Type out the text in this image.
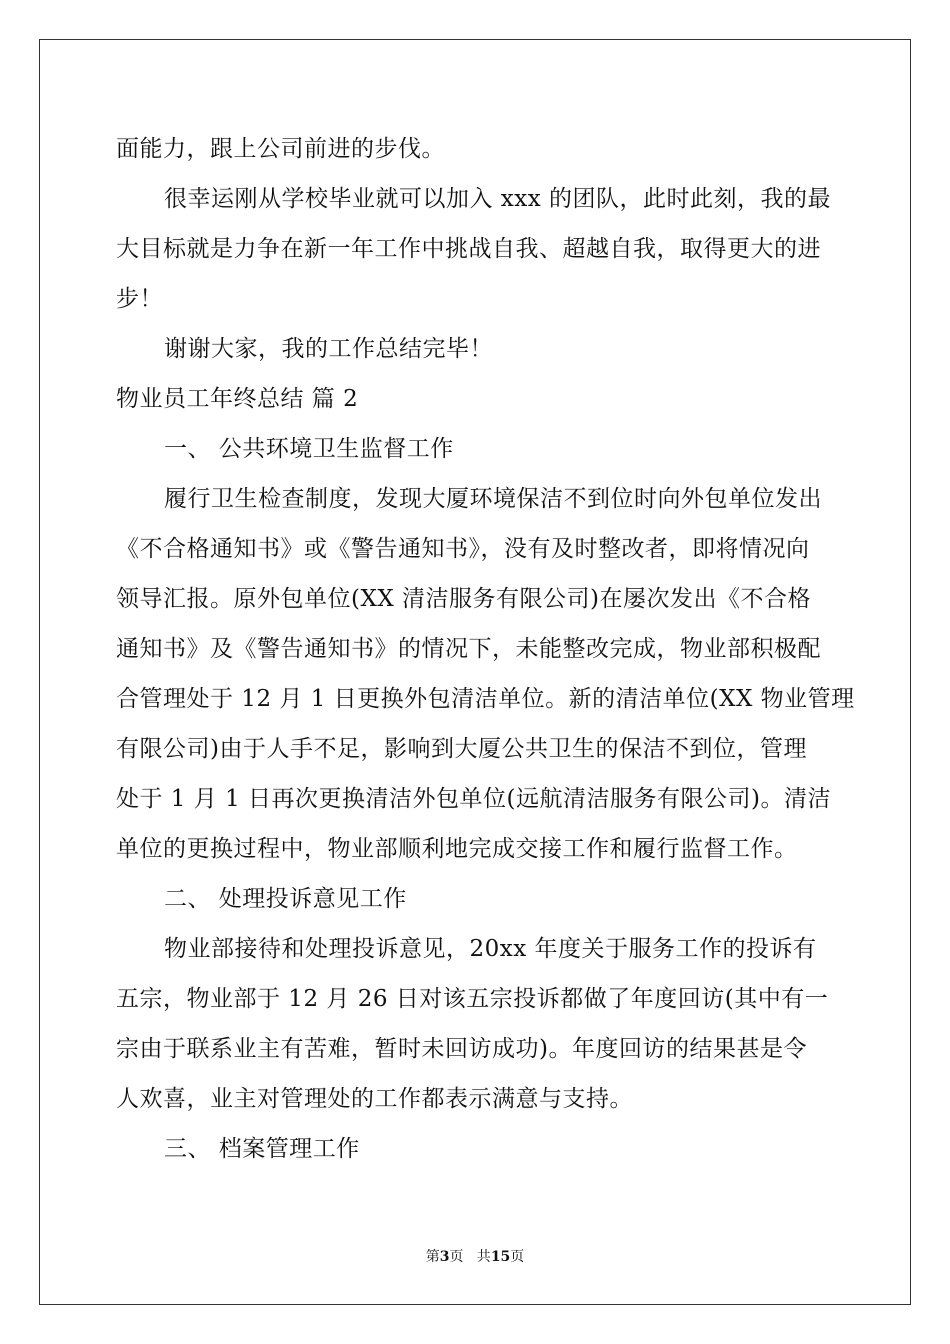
面能力，跟上公司前进的步伐。
很幸运刚从学校毕业就可以加入 xxx 的团队，此时此刻，我的最
大目标就是力争在新一年工作中挑战自我、超越自我，取得更大的进
步！
谢谢大家，我的工作总结完毕！
物业员工年终总结 篇 2
一、 公共环境卫生监督工作
履行卫生检查制度，发现大厦环境保洁不到位时向外包单位发出
《不合格通知书》或《警告通知书》，没有及时整改者，即将情况向
领导汇报。原外包单位(XX 清洁服务有限公司)在屡次发出《不合格
通知书》及《警告通知书》的情况下，未能整改完成，物业部积极配
合管理处于 12 月 1 日更换外包清洁单位。新的清洁单位(XX 物业管理
有限公司)由于人手不足，影响到大厦公共卫生的保洁不到位，管理
处于 1 月 1 日再次更换清洁外包单位(远航清洁服务有限公司)。清洁
单位的更换过程中，物业部顺利地完成交接工作和履行监督工作。
二、 处理投诉意见工作
物业部接待和处理投诉意见，20xx 年度关于服务工作的投诉有
五宗，物业部于 12 月 26 日对该五宗投诉都做了年度回访(其中有一
宗由于联系业主有苦难，暂时未回访成功)。年度回访的结果甚是令
人欢喜，业主对管理处的工作都表示满意与支持。
三、 档案管理工作
第3页   共15页
